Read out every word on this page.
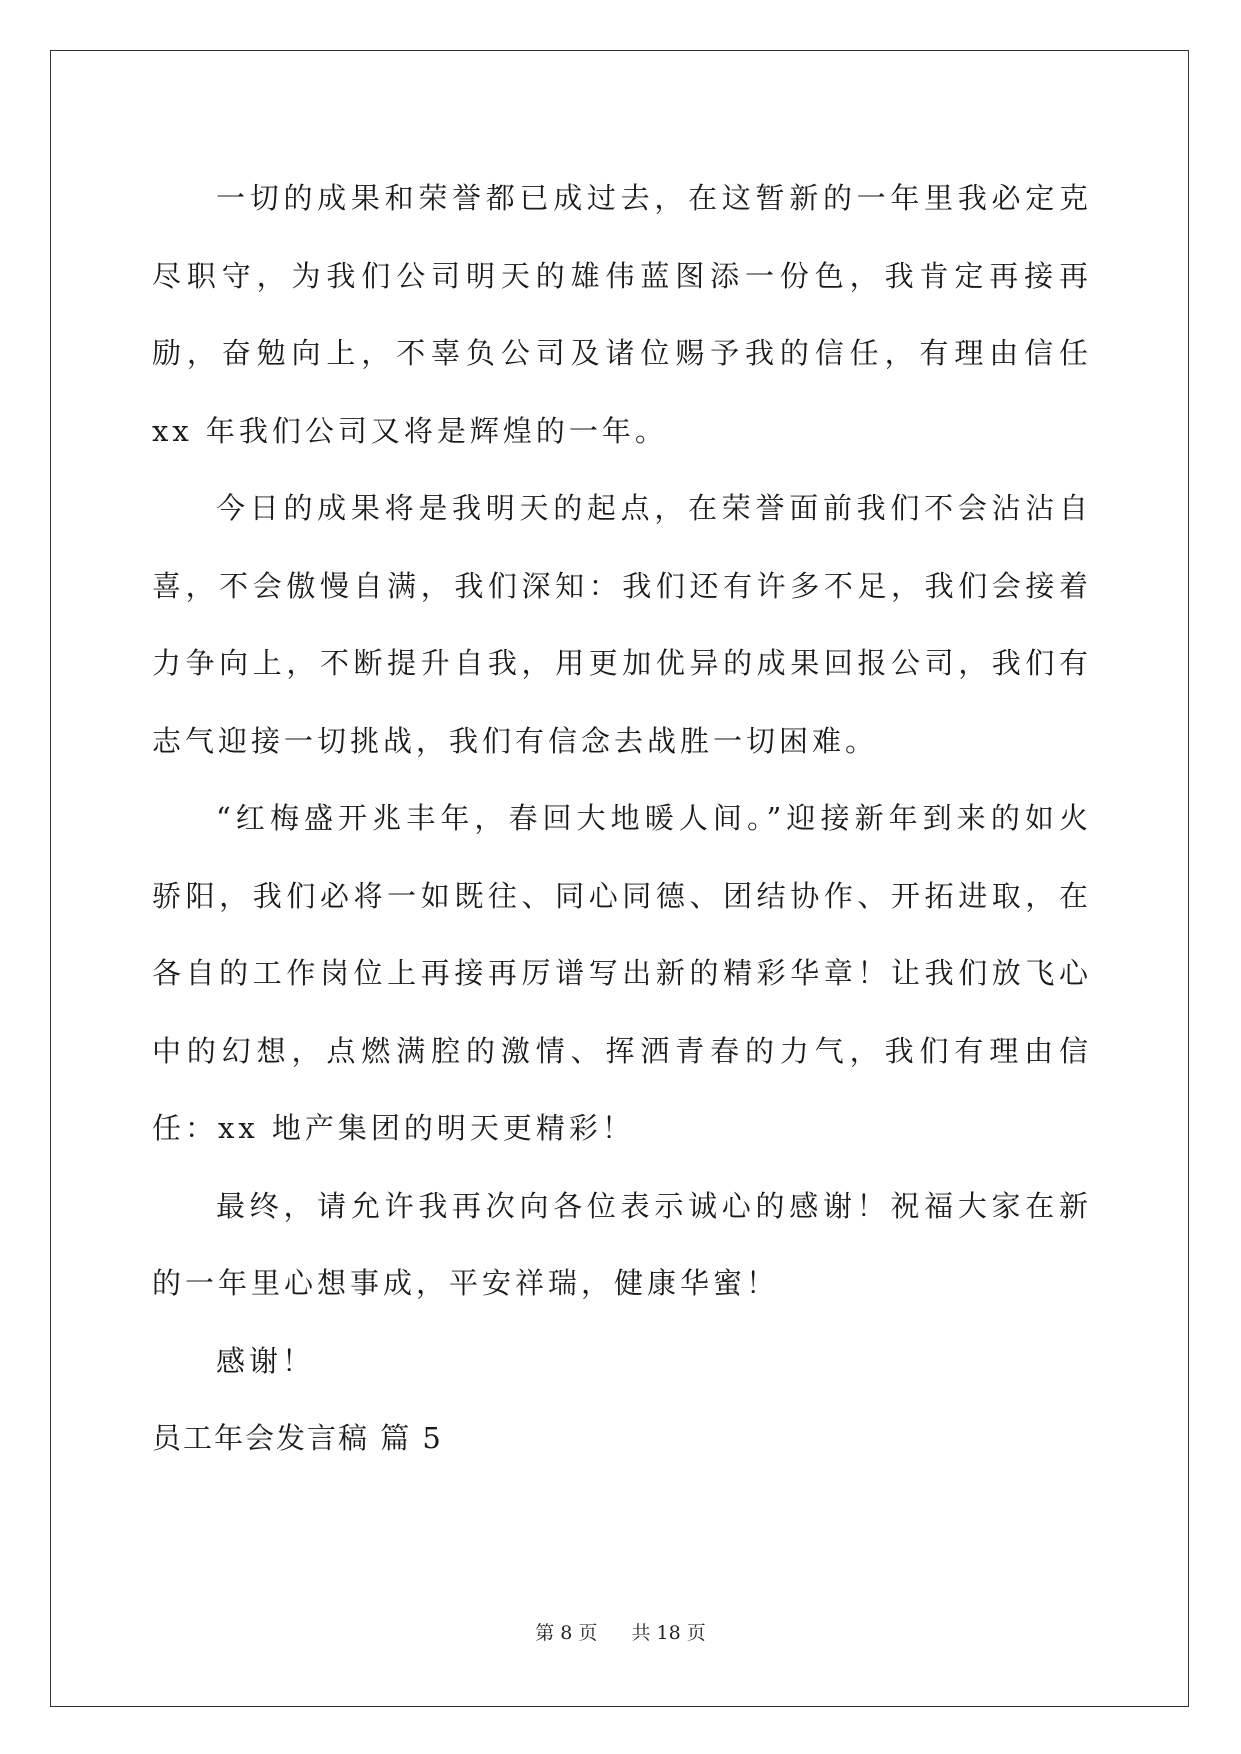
一切的成果和荣誉都已成过去，在这暂新的一年里我必定克尽职守，为我们公司明天的雄伟蓝图添一份色，我肯定再接再励，奋勉向上，不辜负公司及诸位赐予我的信任，有理由信任 xx 年我们公司又将是辉煌的一年。

今日的成果将是我明天的起点，在荣誉面前我们不会沾沾自喜，不会傲慢自满，我们深知：我们还有许多不足，我们会接着力争向上，不断提升自我，用更加优异的成果回报公司，我们有志气迎接一切挑战，我们有信念去战胜一切困难。

“红梅盛开兆丰年，春回大地暖人间。”迎接新年到来的如火骄阳，我们必将一如既往、同心同德、团结协作、开拓进取，在各自的工作岗位上再接再厉谱写出新的精彩华章！让我们放飞心中的幻想，点燃满腔的激情、挥洒青春的力气，我们有理由信任：xx 地产集团的明天更精彩！

最终，请允许我再次向各位表示诚心的感谢！祝福大家在新的一年里心想事成，平安祥瑞，健康华蜜！

感谢！

员工年会发言稿 篇 5

第 8 页 共 18 页
